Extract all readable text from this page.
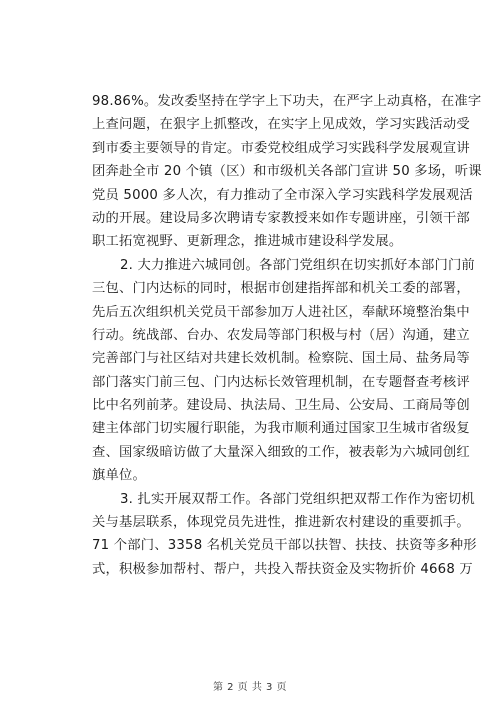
98.86%。发改委坚持在学字上下功夫，在严字上动真格，在准字
上查问题，在狠字上抓整改，在实字上见成效，学习实践活动受
到市委主要领导的肯定。市委党校组成学习实践科学发展观宣讲
团奔赴全市 20 个镇（区）和市级机关各部门宣讲 50 多场，听课
党员 5000 多人次，有力推动了全市深入学习实践科学发展观活
动的开展。建设局多次聘请专家教授来如作专题讲座，引领干部
职工拓宽视野、更新理念，推进城市建设科学发展。
2. 大力推进六城同创。各部门党组织在切实抓好本部门门前
三包、门内达标的同时，根据市创建指挥部和机关工委的部署，
先后五次组织机关党员干部参加万人进社区，奉献环境整治集中
行动。统战部、台办、农发局等部门积极与村（居）沟通，建立
完善部门与社区结对共建长效机制。检察院、国土局、盐务局等
部门落实门前三包、门内达标长效管理机制，在专题督查考核评
比中名列前茅。建设局、执法局、卫生局、公安局、工商局等创
建主体部门切实履行职能，为我市顺利通过国家卫生城市省级复
查、国家级暗访做了大量深入细致的工作，被表彰为六城同创红
旗单位。
3. 扎实开展双帮工作。各部门党组织把双帮工作作为密切机
关与基层联系，体现党员先进性，推进新农村建设的重要抓手。
71 个部门、3358 名机关党员干部以扶智、扶技、扶资等多种形
式，积极参加帮村、帮户，共投入帮扶资金及实物折价 4668 万
第 2 页 共 3 页
